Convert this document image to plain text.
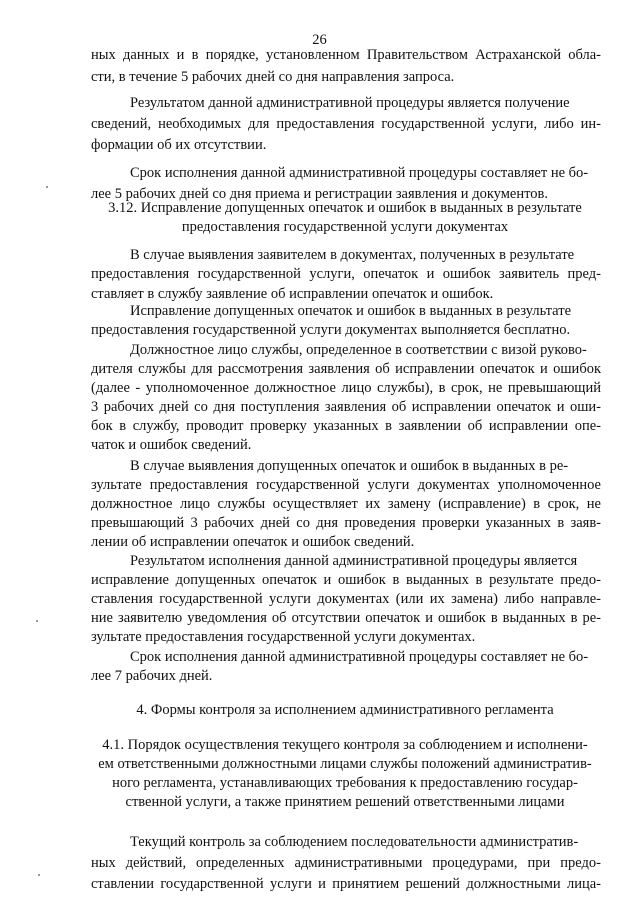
26
ных данных и в порядке, установленном Правительством Астраханской обла-
сти, в течение 5 рабочих дней со дня направления запроса.
Результатом данной административной процедуры является получение
сведений, необходимых для предоставления государственной услуги, либо ин-
формации об их отсутствии.
Срок исполнения данной административной процедуры составляет не бо-
лее 5 рабочих дней со дня приема и регистрации заявления и документов.
3.12. Исправление допущенных опечаток и ошибок в выданных в результате
предоставления государственной услуги документах
В случае выявления заявителем в документах, полученных в результате
предоставления государственной услуги, опечаток и ошибок заявитель пред-
ставляет в службу заявление об исправлении опечаток и ошибок.
Исправление допущенных опечаток и ошибок в выданных в результате
предоставления государственной услуги документах выполняется бесплатно.
Должностное лицо службы, определенное в соответствии с визой руково-
дителя службы для рассмотрения заявления об исправлении опечаток и ошибок
(далее - уполномоченное должностное лицо службы), в срок, не превышающий
3 рабочих дней со дня поступления заявления об исправлении опечаток и оши-
бок в службу, проводит проверку указанных в заявлении об исправлении опе-
чаток и ошибок сведений.
В случае выявления допущенных опечаток и ошибок в выданных в ре-
зультате предоставления государственной услуги документах уполномоченное
должностное лицо службы осуществляет их замену (исправление) в срок, не
превышающий 3 рабочих дней со дня проведения проверки указанных в заяв-
лении об исправлении опечаток и ошибок сведений.
Результатом исполнения данной административной процедуры является
исправление допущенных опечаток и ошибок в выданных в результате предо-
ставления государственной услуги документах (или их замена) либо направле-
ние заявителю уведомления об отсутствии опечаток и ошибок в выданных в ре-
зультате предоставления государственной услуги документах.
Срок исполнения данной административной процедуры составляет не бо-
лее 7 рабочих дней.
4. Формы контроля за исполнением административного регламента
4.1. Порядок осуществления текущего контроля за соблюдением и исполнени-
ем ответственными должностными лицами службы положений административ-
ного регламента, устанавливающих требования к предоставлению государ-
ственной услуги, а также принятием решений ответственными лицами
Текущий контроль за соблюдением последовательности административ-
ных действий, определенных административными процедурами, при предо-
ставлении государственной услуги и принятием решений должностными лица-
